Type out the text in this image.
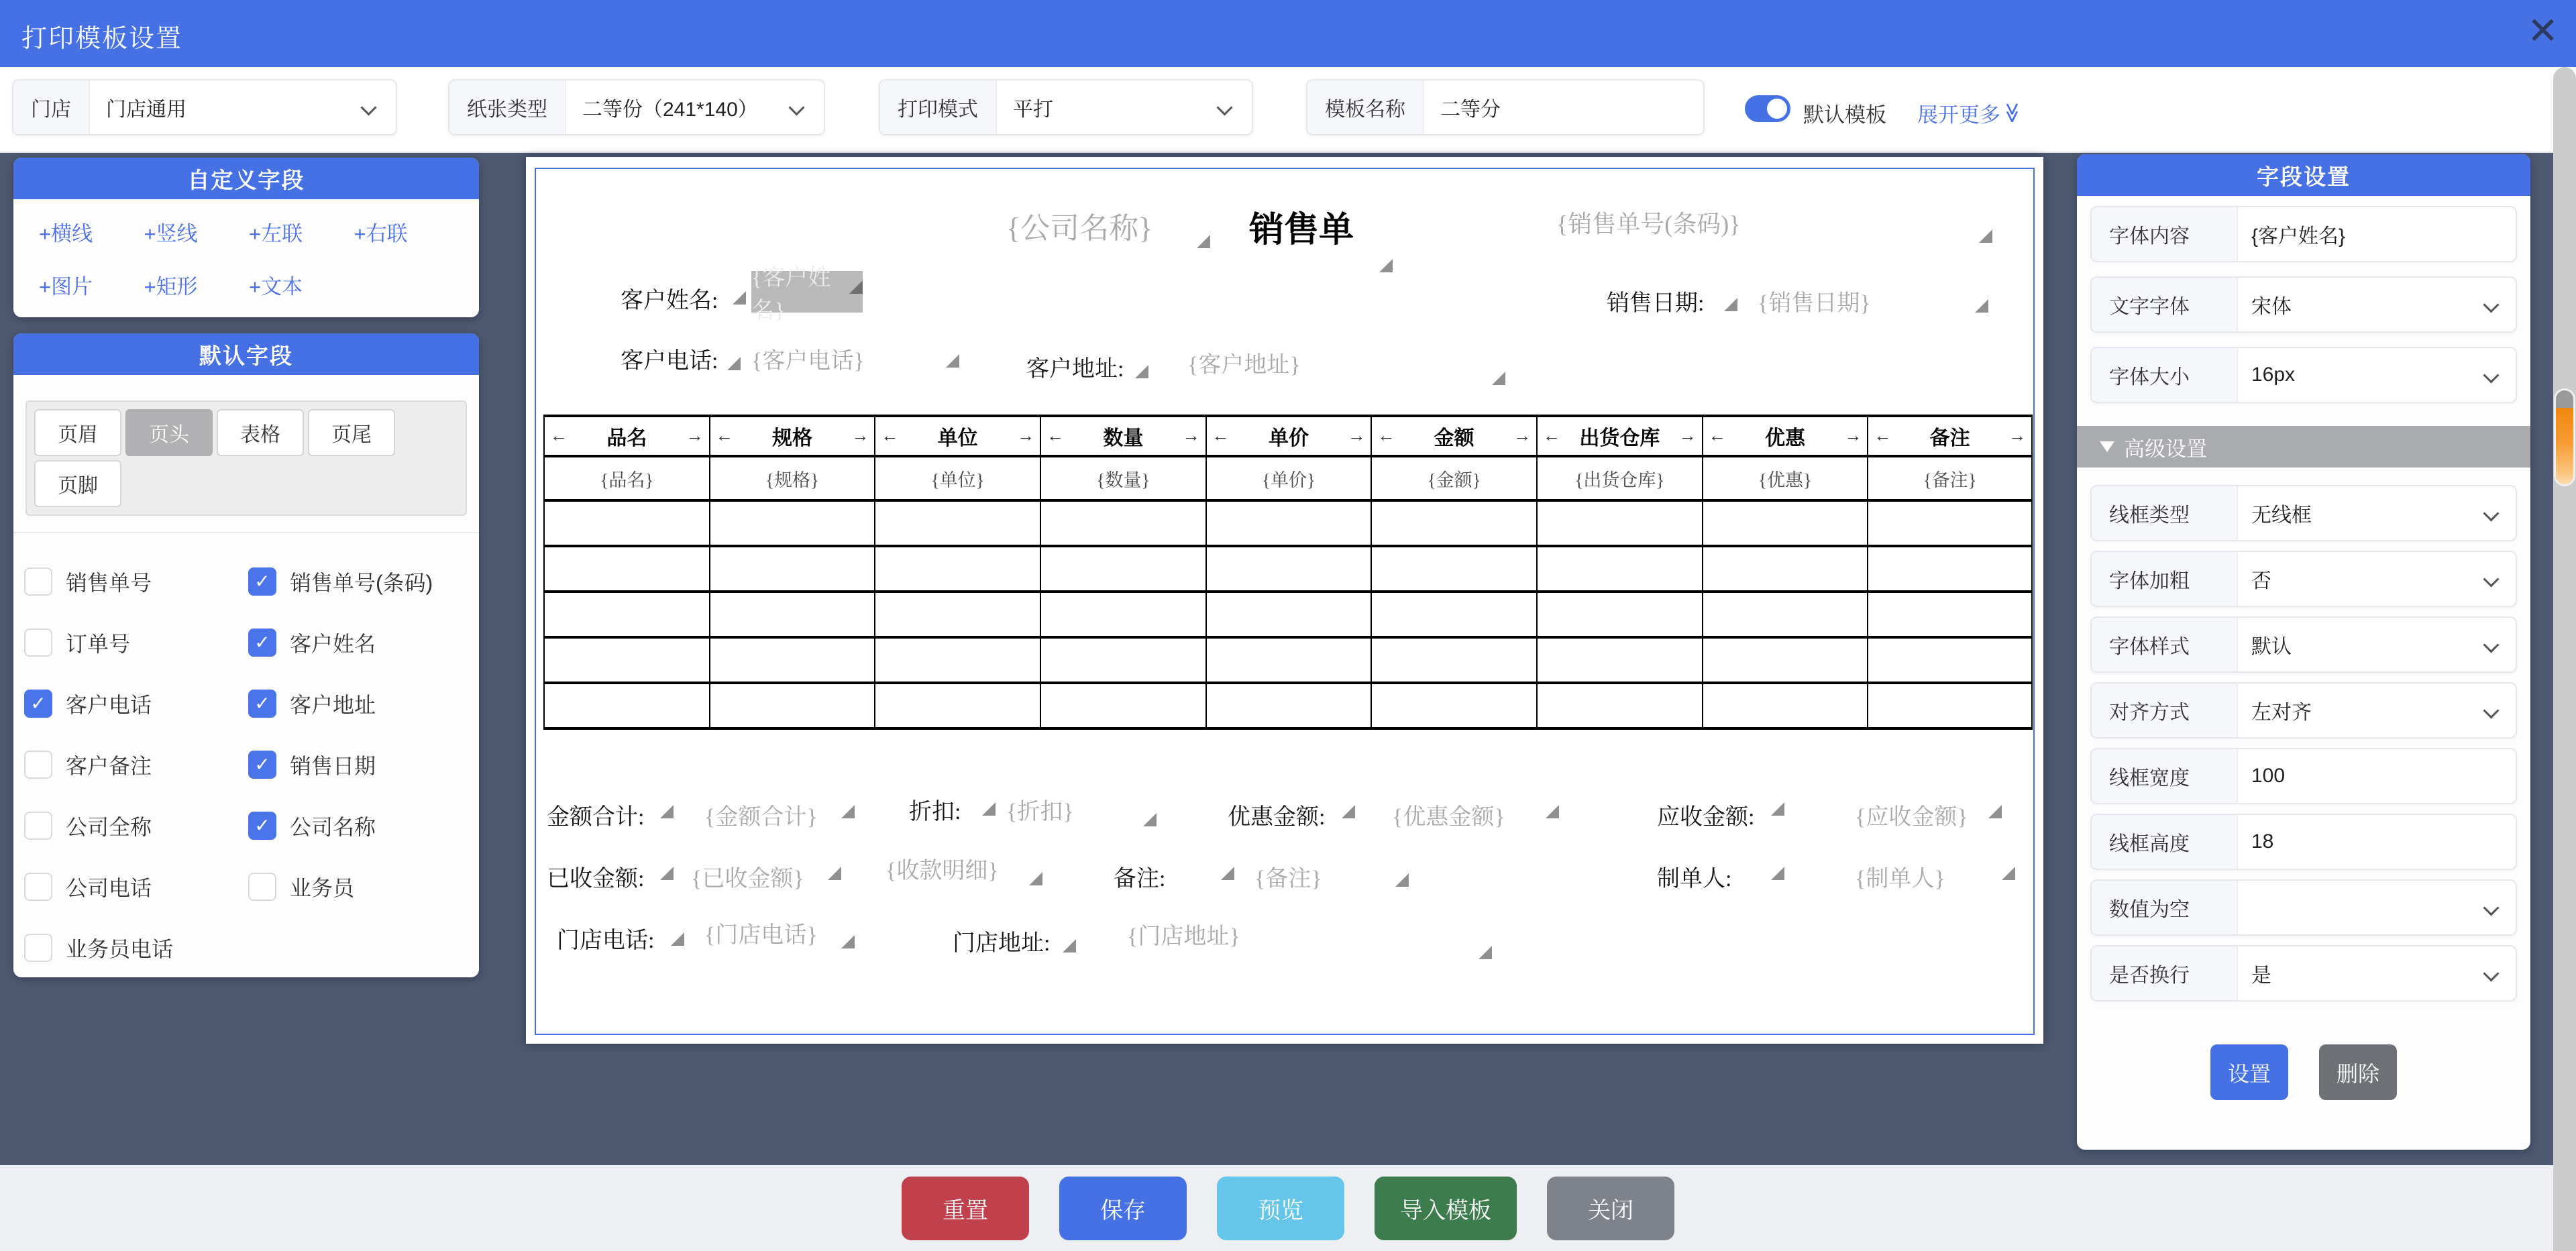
打印模板设置	✕
门店	门店通用	纸张类型	二等份（241*140）	打印模式	平打	模板名称	二等分	默认模板 展开更多 ≫
自定义字段
+横线	+竖线	+左联	+右联
+图片	+矩形	+文本
默认字段
页眉	页头	表格	页尾
页脚
销售单号	✓ 销售单号(条码)
订单号	✓ 客户姓名
✓ 客户电话	✓ 客户地址
客户备注	✓ 销售日期
公司全称	✓ 公司名称
公司电话	业务员
业务员电话
{公司名称}	销售单	{销售单号(条码)}
客户姓名:
{客户姓名}	销售日期: {销售日期}
客户电话: {客户电话}	客户地址:	{客户地址}
← 品名 → ← 规格 → ← 单位 → ← 数量 → ← 单价 → ← 金额 → ← 出货仓库 → ← 优惠 → ← 备注 →
{品名}	{规格}	{单位}	{数量}	{单价}	{金额}	{出货仓库}	{优惠}	{备注}
金额合计:	{金额合计}	折扣: {折扣}	优惠金额:	{优惠金额}	应收金额:	{应收金额}
已收金额: {已收金额}	{收款明细}	备注:	{备注}	制单人:	{制单人}
门店电话: {门店电话}	门店地址:	{门店地址}
字段设置
字体内容	{客户姓名}
文字字体	宋体
字体大小	16px
高级设置
线框类型	无线框
字体加粗	否
字体样式	默认
对齐方式	左对齐
线框宽度	100
线框高度	18
数值为空
是否换行	是
设置	删除
重置	保存	预览	导入模板	关闭
